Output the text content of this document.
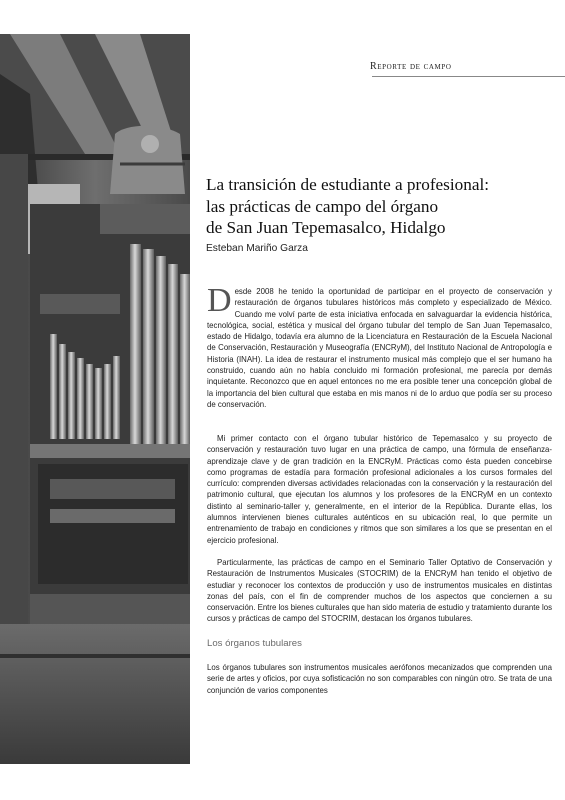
Reporte de campo
La transición de estudiante a profesional:
las prácticas de campo del órgano
de San Juan Tepemasalco, Hidalgo
Esteban Mariño Garza

Desde 2008 he tenido la oportunidad de participar en el proyecto de conservación y restauración de órganos tubulares históricos más completo y especializado de México. Cuando me volví parte de esta iniciativa enfocada en salvaguardar la evidencia histórica, tecnológica, social, estética y musical del órgano tubular del templo de San Juan Tepemasalco, estado de Hidalgo, todavía era alumno de la Licenciatura en Restauración de la Escuela Nacional de Conservación, Restauración y Museografía (ENCRyM), del Instituto Nacional de Antropología e Historia (INAH). La idea de restaurar el instrumento musical más complejo que el ser humano ha construido, cuando aún no había concluido mi formación profesional, me parecía por demás inquietante. Reconozco que en aquel entonces no me era posible tener una concepción global de la importancia del bien cultural que estaba en mis manos ni de lo arduo que podía ser su proceso de conservación.

Mi primer contacto con el órgano tubular histórico de Tepemasalco y su proyecto de conservación y restauración tuvo lugar en una práctica de campo, una fórmula de enseñanza-aprendizaje clave y de gran tradición en la ENCRyM. Prácticas como ésta pueden concebirse como programas de estadía para formación profesional adicionales a los cursos formales del currículo: comprenden diversas actividades relacionadas con la conservación y la restauración del patrimonio cultural, que ejecutan los alumnos y los profesores de la ENCRyM en un contexto distinto al seminario-taller y, generalmente, en el interior de la República. Durante ellas, los alumnos intervienen bienes culturales auténticos en su ubicación real, lo que permite un entrenamiento de trabajo en condiciones y ritmos que son similares a los que se presentan en el ejercicio profesional.

Particularmente, las prácticas de campo en el Seminario Taller Optativo de Conservación y Restauración de Instrumentos Musicales (STOCRIM) de la ENCRyM han tenido el objetivo de estudiar y reconocer los contextos de producción y uso de instrumentos musicales en distintas zonas del país, con el fin de comprender muchos de los aspectos que conciernen a su conservación. Entre los bienes culturales que han sido materia de estudio y tratamiento durante los cursos y prácticas de campo del STOCRIM, destacan los órganos tubulares.

Los órganos tubulares

Los órganos tubulares son instrumentos musicales aerófonos mecanizados que comprenden una serie de artes y oficios, por cuya sofisticación no son comparables con ningún otro. Se trata de una conjunción de varios componentes
